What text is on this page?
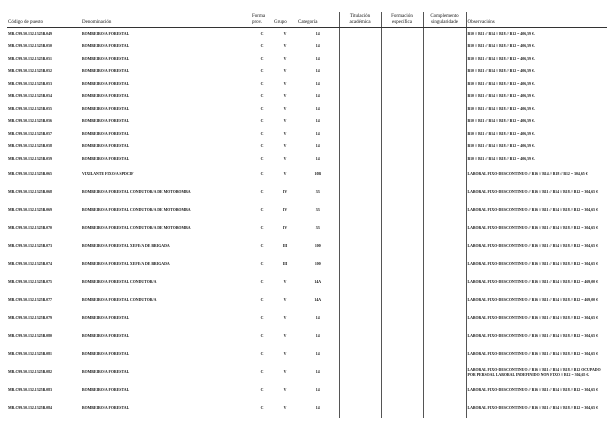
Código de puesto	Denominación	Forma prov.	Grupo	Categoría	Titulación académica	Formación específica	Complemento singularidade	Observacións
MR.C99.50.132.1325B.049	BOMBEIRO/A FORESTAL	C	V	14				B10 // B11 // B14 // B18 // B12 = 406,59 €.
MR.C99.50.132.1325B.050	BOMBEIRO/A FORESTAL	C	V	14				B10 // B11 // B14 // B18 // B12 = 406,59 €.
MR.C99.50.132.1325B.051	BOMBEIRO/A FORESTAL	C	V	14				B10 // B11 // B14 // B18 // B12 = 406,59 €.
MR.C99.50.132.1325B.052	BOMBEIRO/A FORESTAL	C	V	14				B10 // B11 // B14 // B18 // B12 = 406,59 €.
MR.C99.50.132.1325B.053	BOMBEIRO/A FORESTAL	C	V	14				B10 // B11 // B14 // B18 // B12 = 406,59 €.
MR.C99.50.132.1325B.054	BOMBEIRO/A FORESTAL	C	V	14				B10 // B11 // B14 // B18 // B12 = 406,59 €.
MR.C99.50.132.1325B.055	BOMBEIRO/A FORESTAL	C	V	14				B10 // B11 // B14 // B18 // B12 = 406,59 €.
MR.C99.50.132.1325B.056	BOMBEIRO/A FORESTAL	C	V	14				B10 // B11 // B14 // B18 // B12 = 406,59 €.
MR.C99.50.132.1325B.057	BOMBEIRO/A FORESTAL	C	V	14				B10 // B11 // B14 // B18 // B12 = 406,59 €.
MR.C99.50.132.1325B.058	BOMBEIRO/A FORESTAL	C	V	14				B10 // B11 // B14 // B18 // B12 = 406,59 €.
MR.C99.50.132.1325B.059	BOMBEIRO/A FORESTAL	C	V	14				B10 // B11 // B14 // B18 // B12 = 406,59 €.
MR.C99.50.132.1325B.065	VIXILANTE FIXO/A SPDCIF	C	V	10B				LABORAL FIXO-DESCONTINUO // B16 // B14 // B18 // B12 = 304,65 €
MR.C99.50.132.1325B.068	BOMBEIRO/A FORESTAL CONDUTOR/A DE MOTOBOMBA	C	IV	33				LABORAL FIXO-DESCONTINUO // B16 // B11 // B14 // B18 // B12 = 304,65 €
MR.C99.50.132.1325B.069	BOMBEIRO/A FORESTAL CONDUTOR/A DE MOTOBOMBA	C	IV	33				LABORAL FIXO-DESCONTINUO // B16 // B11 // B14 // B18 // B12 = 304,65 €
MR.C99.50.132.1325B.070	BOMBEIRO/A FORESTAL CONDUTOR/A DE MOTOBOMBA	C	IV	33				LABORAL FIXO-DESCONTINUO // B16 // B11 // B14 // B18 // B12 = 304,65 €
MR.C99.50.132.1325B.073	BOMBEIRO/A FORESTAL XEFE/A DE BRIGADA	C	III	100				LABORAL FIXO-DESCONTINUO // B16 // B11 // B14 // B18 // B12 = 304,65 €
MR.C99.50.132.1325B.074	BOMBEIRO/A FORESTAL XEFE/A DE BRIGADA	C	III	100				LABORAL FIXO-DESCONTINUO // B16 // B11 // B14 // B18 // B12 = 304,65 €
MR.C99.50.132.1325B.075	BOMBEIRO/A FORESTAL CONDUTOR/A	C	V	14A				LABORAL FIXO-DESCONTINUO // B16 // B11 // B14 // B18 // B12 = 469,00 €
MR.C99.50.132.1325B.077	BOMBEIRO/A FORESTAL CONDUTOR/A	C	V	14A				LABORAL FIXO-DESCONTINUO // B16 // B11 // B14 // B18 // B12 = 469,00 €
MR.C99.50.132.1325B.079	BOMBEIRO/A FORESTAL	C	V	14				LABORAL FIXO-DESCONTINUO // B16 // B11 // B14 // B18 // B12 = 304,65 €
MR.C99.50.132.1325B.080	BOMBEIRO/A FORESTAL	C	V	14				LABORAL FIXO-DESCONTINUO // B16 // B11 // B14 // B18 // B12 = 304,65 €
MR.C99.50.132.1325B.081	BOMBEIRO/A FORESTAL	C	V	14				LABORAL FIXO-DESCONTINUO // B16 // B11 // B14 // B18 // B12 = 304,65 €
MR.C99.50.132.1325B.082	BOMBEIRO/A FORESTAL	C	V	14				LABORAL FIXO-DESCONTINUO // B16 // B11 // B14 // B18 // B12 OCUPADO POR PERSOAL LABORAL INDEFINIDO NON FIXO // B12 = 304,65 €.
MR.C99.50.132.1325B.083	BOMBEIRO/A FORESTAL	C	V	14				LABORAL FIXO-DESCONTINUO // B16 // B11 // B14 // B18 // B12 = 304,65 €
MR.C99.50.132.1325B.084	BOMBEIRO/A FORESTAL	C	V	14				LABORAL FIXO-DESCONTINUO // B16 // B11 // B14 // B18 // B12 = 304,65 €
